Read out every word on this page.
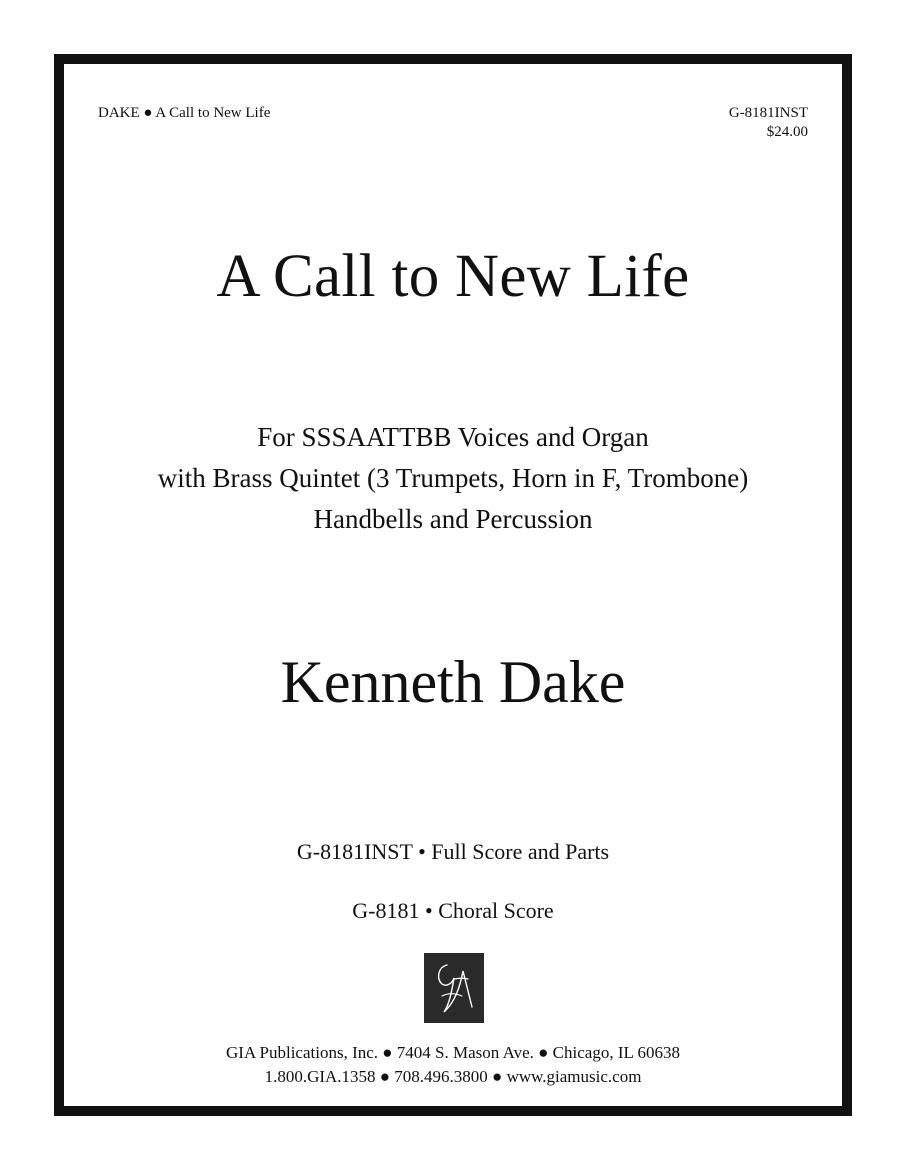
DAKE ● A Call to New Life	G-8181INST
$24.00
A Call to New Life
For SSSAATTBB Voices and Organ
with Brass Quintet (3 Trumpets, Horn in F, Trombone)
Handbells and Percussion
Kenneth Dake
G-8181INST • Full Score and Parts
G-8181 • Choral Score
GIA Publications, Inc. ● 7404 S. Mason Ave. ● Chicago, IL 60638
1.800.GIA.1358 ● 708.496.3800 ● www.giamusic.com
